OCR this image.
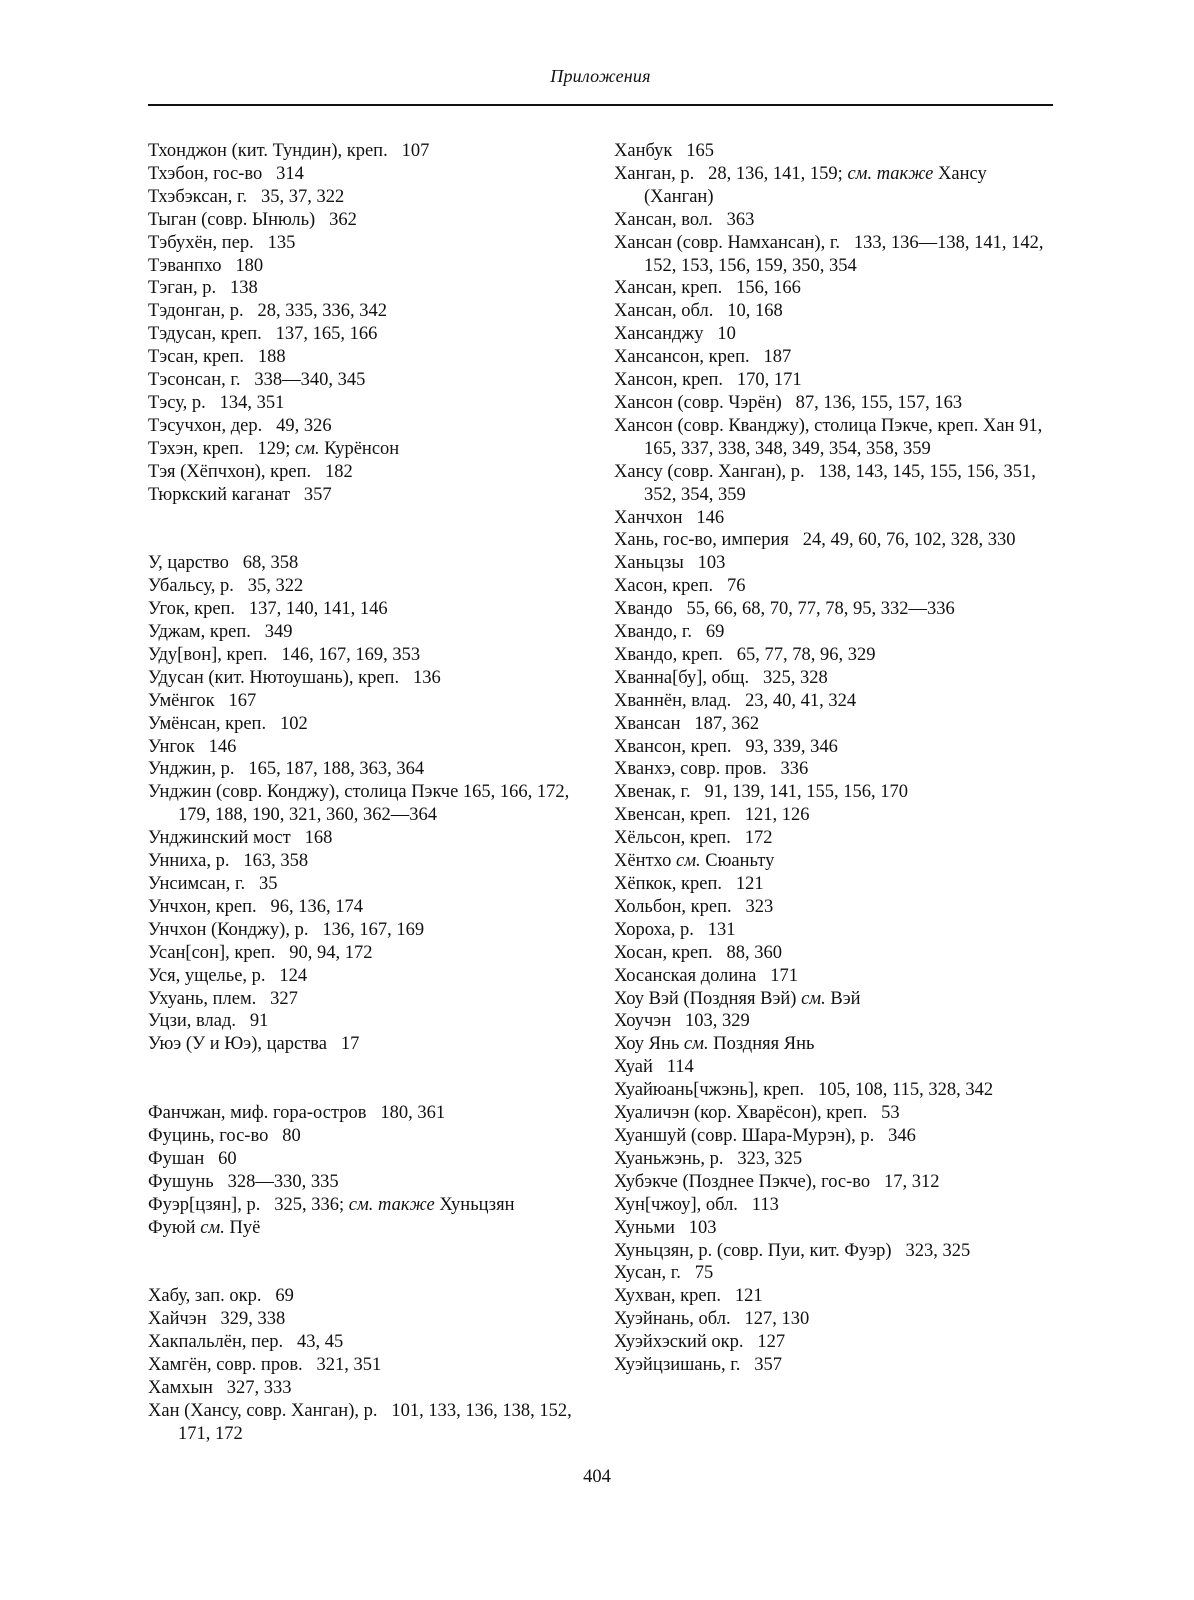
Приложения
Тхонджон (кит. Тундин), креп.   107
Тхэбон, гос-во   314
Тхэбэксан, г.   35, 37, 322
Тыган (совр. Ынюль)   362
Тэбухён, пер.   135
Тэванпхо   180
Тэган, р.   138
Тэдонган, р.   28, 335, 336, 342
Тэдусан, креп.   137, 165, 166
Тэсан, креп.   188
Тэсонсан, г.   338—340, 345
Тэсу, р.   134, 351
Тэсучхон, дер.   49, 326
Тэхэн, креп.   129; см. Курёнсон
Тэя (Хёпчхон), креп.   182
Тюркский каганат   357
У, царство   68, 358
Убальсу, р.   35, 322
Угок, креп.   137, 140, 141, 146
Уджам, креп.   349
Уду[вон], креп.   146, 167, 169, 353
Удусан (кит. Нютоушань), креп.   136
Умёнгок   167
Умёнсан, креп.   102
Унгок   146
Унджин, р.   165, 187, 188, 363, 364
Унджин (совр. Конджу), столица Пэкче 165, 166, 172, 179, 188, 190, 321, 360, 362—364
Унджинский мост   168
Унниха, р.   163, 358
Унсимсан, г.   35
Унчхон, креп.   96, 136, 174
Унчхон (Конджу), р.   136, 167, 169
Усан[сон], креп.   90, 94, 172
Уся, ущелье, р.   124
Ухуань, плем.   327
Уцзи, влад.   91
Уюэ (У и Юэ), царства   17
Фанчжан, миф. гора-остров   180, 361
Фуцинь, гос-во   80
Фушан   60
Фушунь   328—330, 335
Фуэр[цзян], р.   325, 336; см. также Хуньцзян
Фуюй см. Пуё
Хабу, зап. окр.   69
Хайчэн   329, 338
Хакпальлён, пер.   43, 45
Хамгён, совр. пров.   321, 351
Хамхын   327, 333
Хан (Хансу, совр. Ханган), р.   101, 133, 136, 138, 152, 171, 172
Ханбук   165
Ханган, р.   28, 136, 141, 159; см. также Хансу (Ханган)
Хансан, вол.   363
Хансан (совр. Намхансан), г.   133, 136—138, 141, 142, 152, 153, 156, 159, 350, 354
Хансан, креп.   156, 166
Хансан, обл.   10, 168
Хансанджу   10
Хансансон, креп.   187
Хансон, креп.   170, 171
Хансон (совр. Чэрён)   87, 136, 155, 157, 163
Хансон (совр. Кванджу), столица Пэкче, креп. Хан 91, 165, 337, 338, 348, 349, 354, 358, 359
Хансу (совр. Ханган), р.   138, 143, 145, 155, 156, 351, 352, 354, 359
Ханчхон   146
Хань, гос-во, империя   24, 49, 60, 76, 102, 328, 330
Ханьцзы   103
Хасон, креп.   76
Хвандо   55, 66, 68, 70, 77, 78, 95, 332—336
Хвандо, г.   69
Хвандо, креп.   65, 77, 78, 96, 329
Хванна[бу], общ.   325, 328
Хваннён, влад.   23, 40, 41, 324
Хвансан   187, 362
Хвансон, креп.   93, 339, 346
Хванхэ, совр. пров.   336
Хвенак, г.   91, 139, 141, 155, 156, 170
Хвенсан, креп.   121, 126
Хёльсон, креп.   172
Хёнтхо см. Сюаньту
Хёпкок, креп.   121
Хольбон, креп.   323
Хороха, р.   131
Хосан, креп.   88, 360
Хосанская долина   171
Хоу Вэй (Поздняя Вэй) см. Вэй
Хоучэн   103, 329
Хоу Янь см. Поздняя Янь
Хуай   114
Хуайюань[чжэнь], креп.   105, 108, 115, 328, 342
Хуаличэн (кор. Хварёсон), креп.   53
Хуаншуй (совр. Шара-Мурэн), р.   346
Хуаньжэнь, р.   323, 325
Хубэкче (Позднее Пэкче), гос-во   17, 312
Хун[чжоу], обл.   113
Хуньми   103
Хуньцзян, р. (совр. Пуи, кит. Фуэр)   323, 325
Хусан, г.   75
Хухван, креп.   121
Хуэйнань, обл.   127, 130
Хуэйхэский окр.   127
Хуэйцзишань, г.   357
404
